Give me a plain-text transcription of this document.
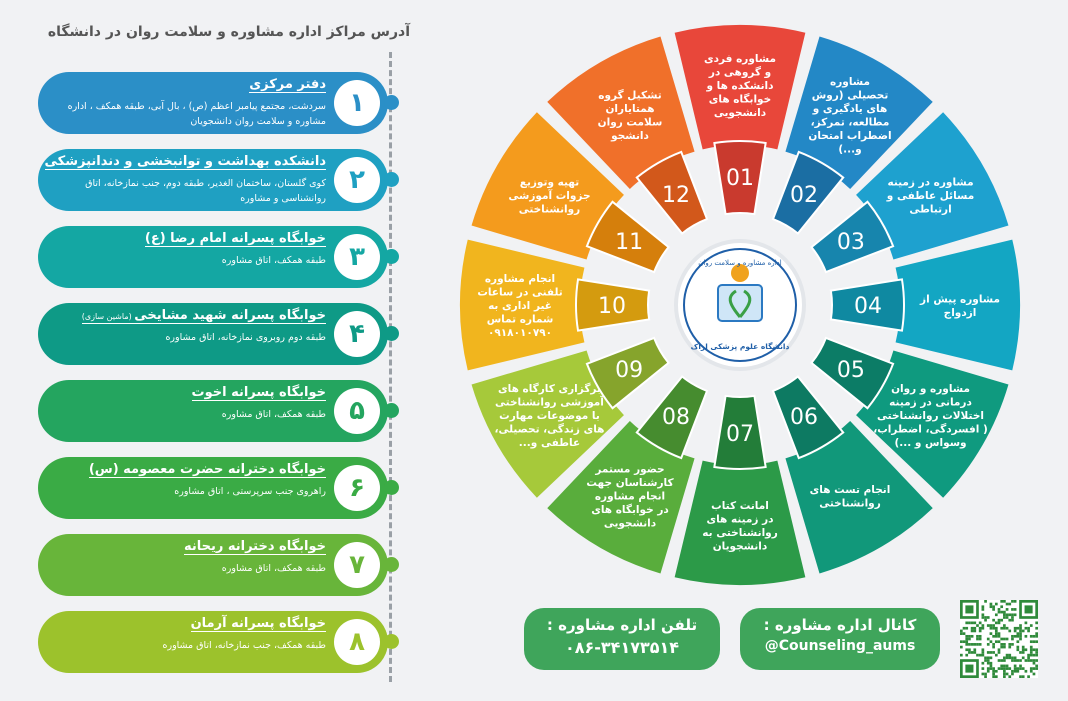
آدرس مراکز اداره مشاوره و سلامت روان در دانشگاه
۱
دفتر مرکزی
سردشت، مجتمع پیامبر اعظم (ص) ، بال آبی، طبقه همکف ، اداره مشاوره و سلامت روان دانشجویان
۲
دانشکده بهداشت و توانبخشی و دندانپزشکی
کوی گلستان، ساختمان الغدیر، طبقه دوم، جنب نمازخانه، اتاق روانشناسی و مشاوره
۳
خوابگاه پسرانه امام رضا (ع)
طبقه همکف، اتاق مشاوره
۴
خوابگاه پسرانه شهید مشایخی (ماشین سازی)
طبقه دوم روبروی نمازخانه، اتاق مشاوره
۵
خوابگاه پسرانه اخوت
طبقه همکف، اتاق مشاوره
۶
خوابگاه دخترانه حضرت معصومه (س)
راهروی جنب سرپرستی ، اتاق مشاوره
۷
خوابگاه دخترانه ریحانه
طبقه همکف، اتاق مشاوره
۸
خوابگاه پسرانه آرمان
طبقه همکف، جنب نمازخانه، اتاق مشاوره
01
مشاوره فردی و گروهی در دانشکده ها و خوابگاه های دانشجویی
02
مشاوره تحصیلی (روش های یادگیری و مطالعه، تمرکز، اضطراب امتحان و...)
03
مشاوره در زمینه مسائل عاطفی و ارتباطی
04	مشاوره پیش از ازدواج
05
مشاوره و روان درمانی در زمینه اختلالات روانشناختی ( افسردگی، اضطراب، وسواس و ...)
06
انجام تست های روانشناختی
07
امانت کتاب در زمینه های روانشناختی به دانشجویان
08
حضور مستمر کارشناسان جهت انجام مشاوره در خوابگاه های دانشجویی
09
برگزاری کارگاه های آموزشی روانشناختی با موضوعات مهارت های زندگی، تحصیلی، عاطفی و...
10
انجام مشاوره تلفنی در ساعات غیر اداری به شماره تماس ۰۹۱۸۰۱۰۷۹۰
11
تهیه وتوزیع جزوات آموزشی روانشناختی
12
تشکیل گروه همتایاران سلامت روان دانشجو
اداره مشاوره و سلامت روان
دانشگاه علوم پزشکی اراک
تلفن اداره مشاوره :
۰۸۶-۳۴۱۷۳۵۱۴
کانال اداره مشاوره :
@Counseling_aums
